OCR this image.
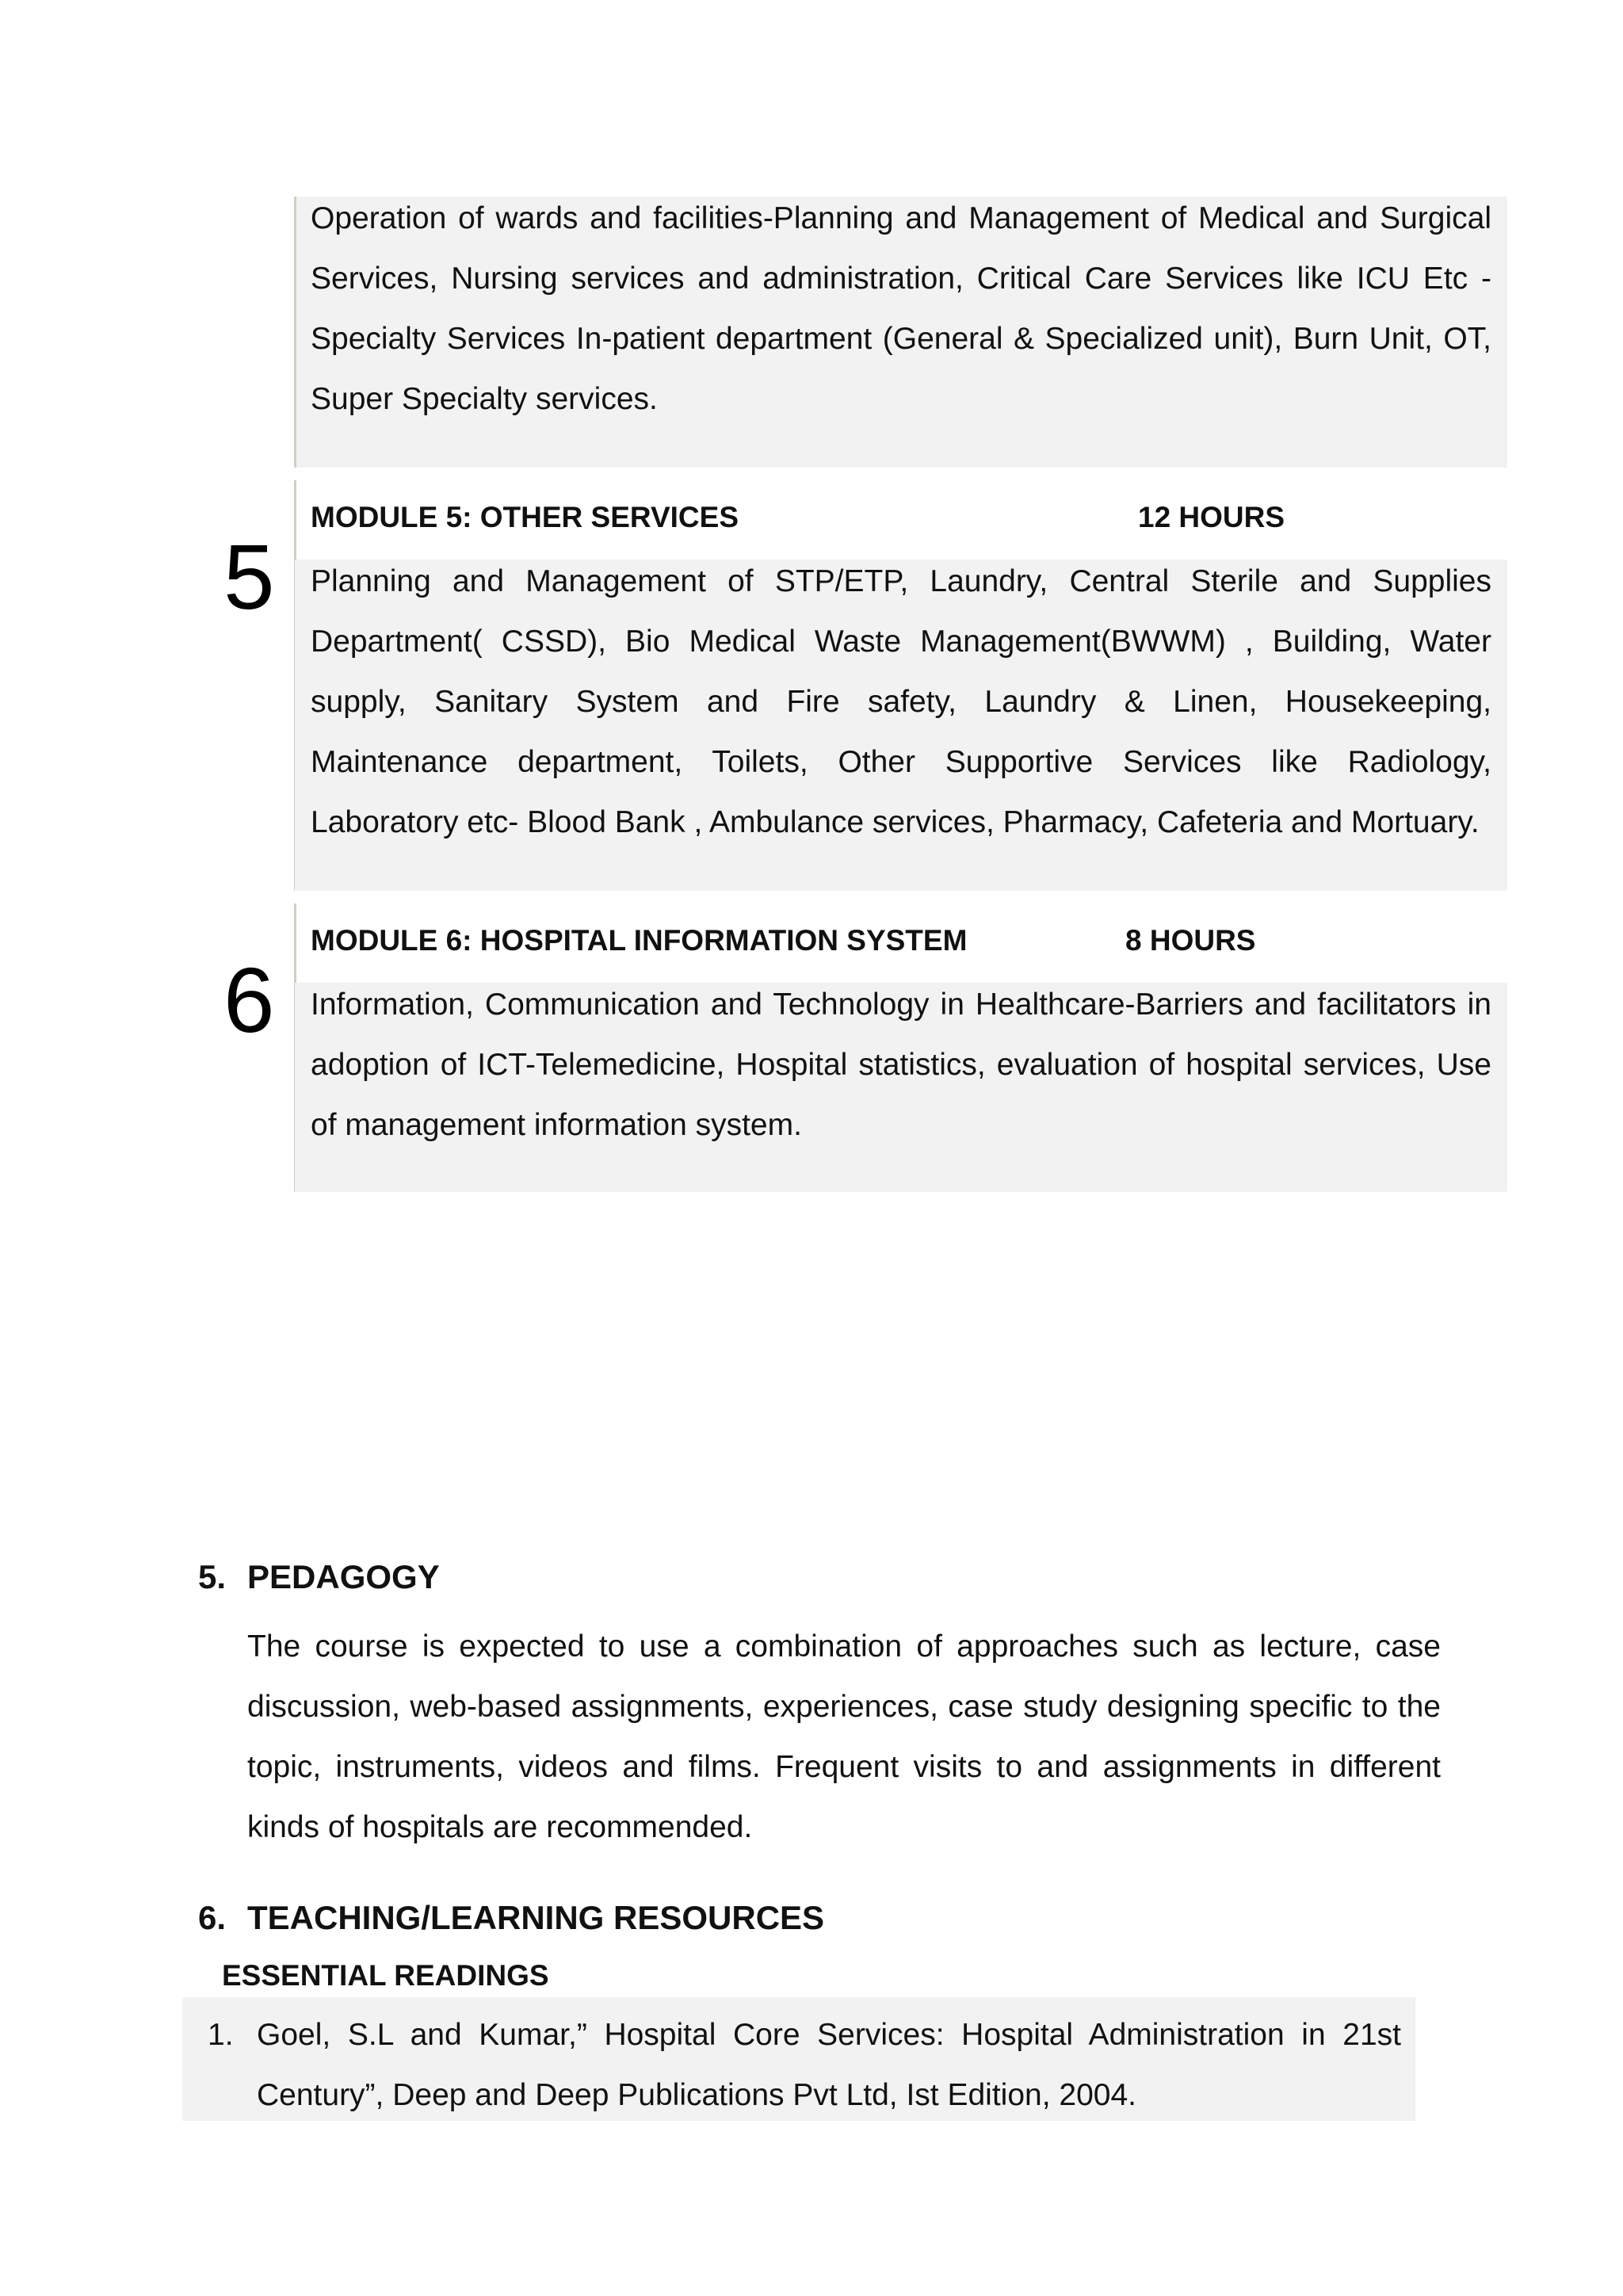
Operation of wards and facilities-Planning and Management of Medical and Surgical Services, Nursing services and administration, Critical Care Services like ICU Etc - Specialty Services In-patient department (General & Specialized unit), Burn Unit, OT, Super Specialty services.

5
MODULE 5: OTHER SERVICES	12 HOURS

Planning and Management of STP/ETP, Laundry, Central Sterile and Supplies Department( CSSD), Bio Medical Waste Management(BWWM) , Building, Water supply, Sanitary System and Fire safety, Laundry & Linen, Housekeeping, Maintenance department, Toilets, Other Supportive Services like Radiology, Laboratory etc- Blood Bank , Ambulance services, Pharmacy, Cafeteria and Mortuary.

6
MODULE 6: HOSPITAL INFORMATION SYSTEM	8 HOURS

Information, Communication and Technology in Healthcare-Barriers and facilitators in adoption of ICT-Telemedicine, Hospital statistics, evaluation of hospital services, Use of management information system.

5. PEDAGOGY

The course is expected to use a combination of approaches such as lecture, case discussion, web-based assignments, experiences, case study designing specific to the topic, instruments, videos and films. Frequent visits to and assignments in different kinds of hospitals are recommended.

6. TEACHING/LEARNING RESOURCES
ESSENTIAL READINGS
1. Goel, S.L and Kumar,” Hospital Core Services: Hospital Administration in 21st Century”, Deep and Deep Publications Pvt Ltd, Ist Edition, 2004.
